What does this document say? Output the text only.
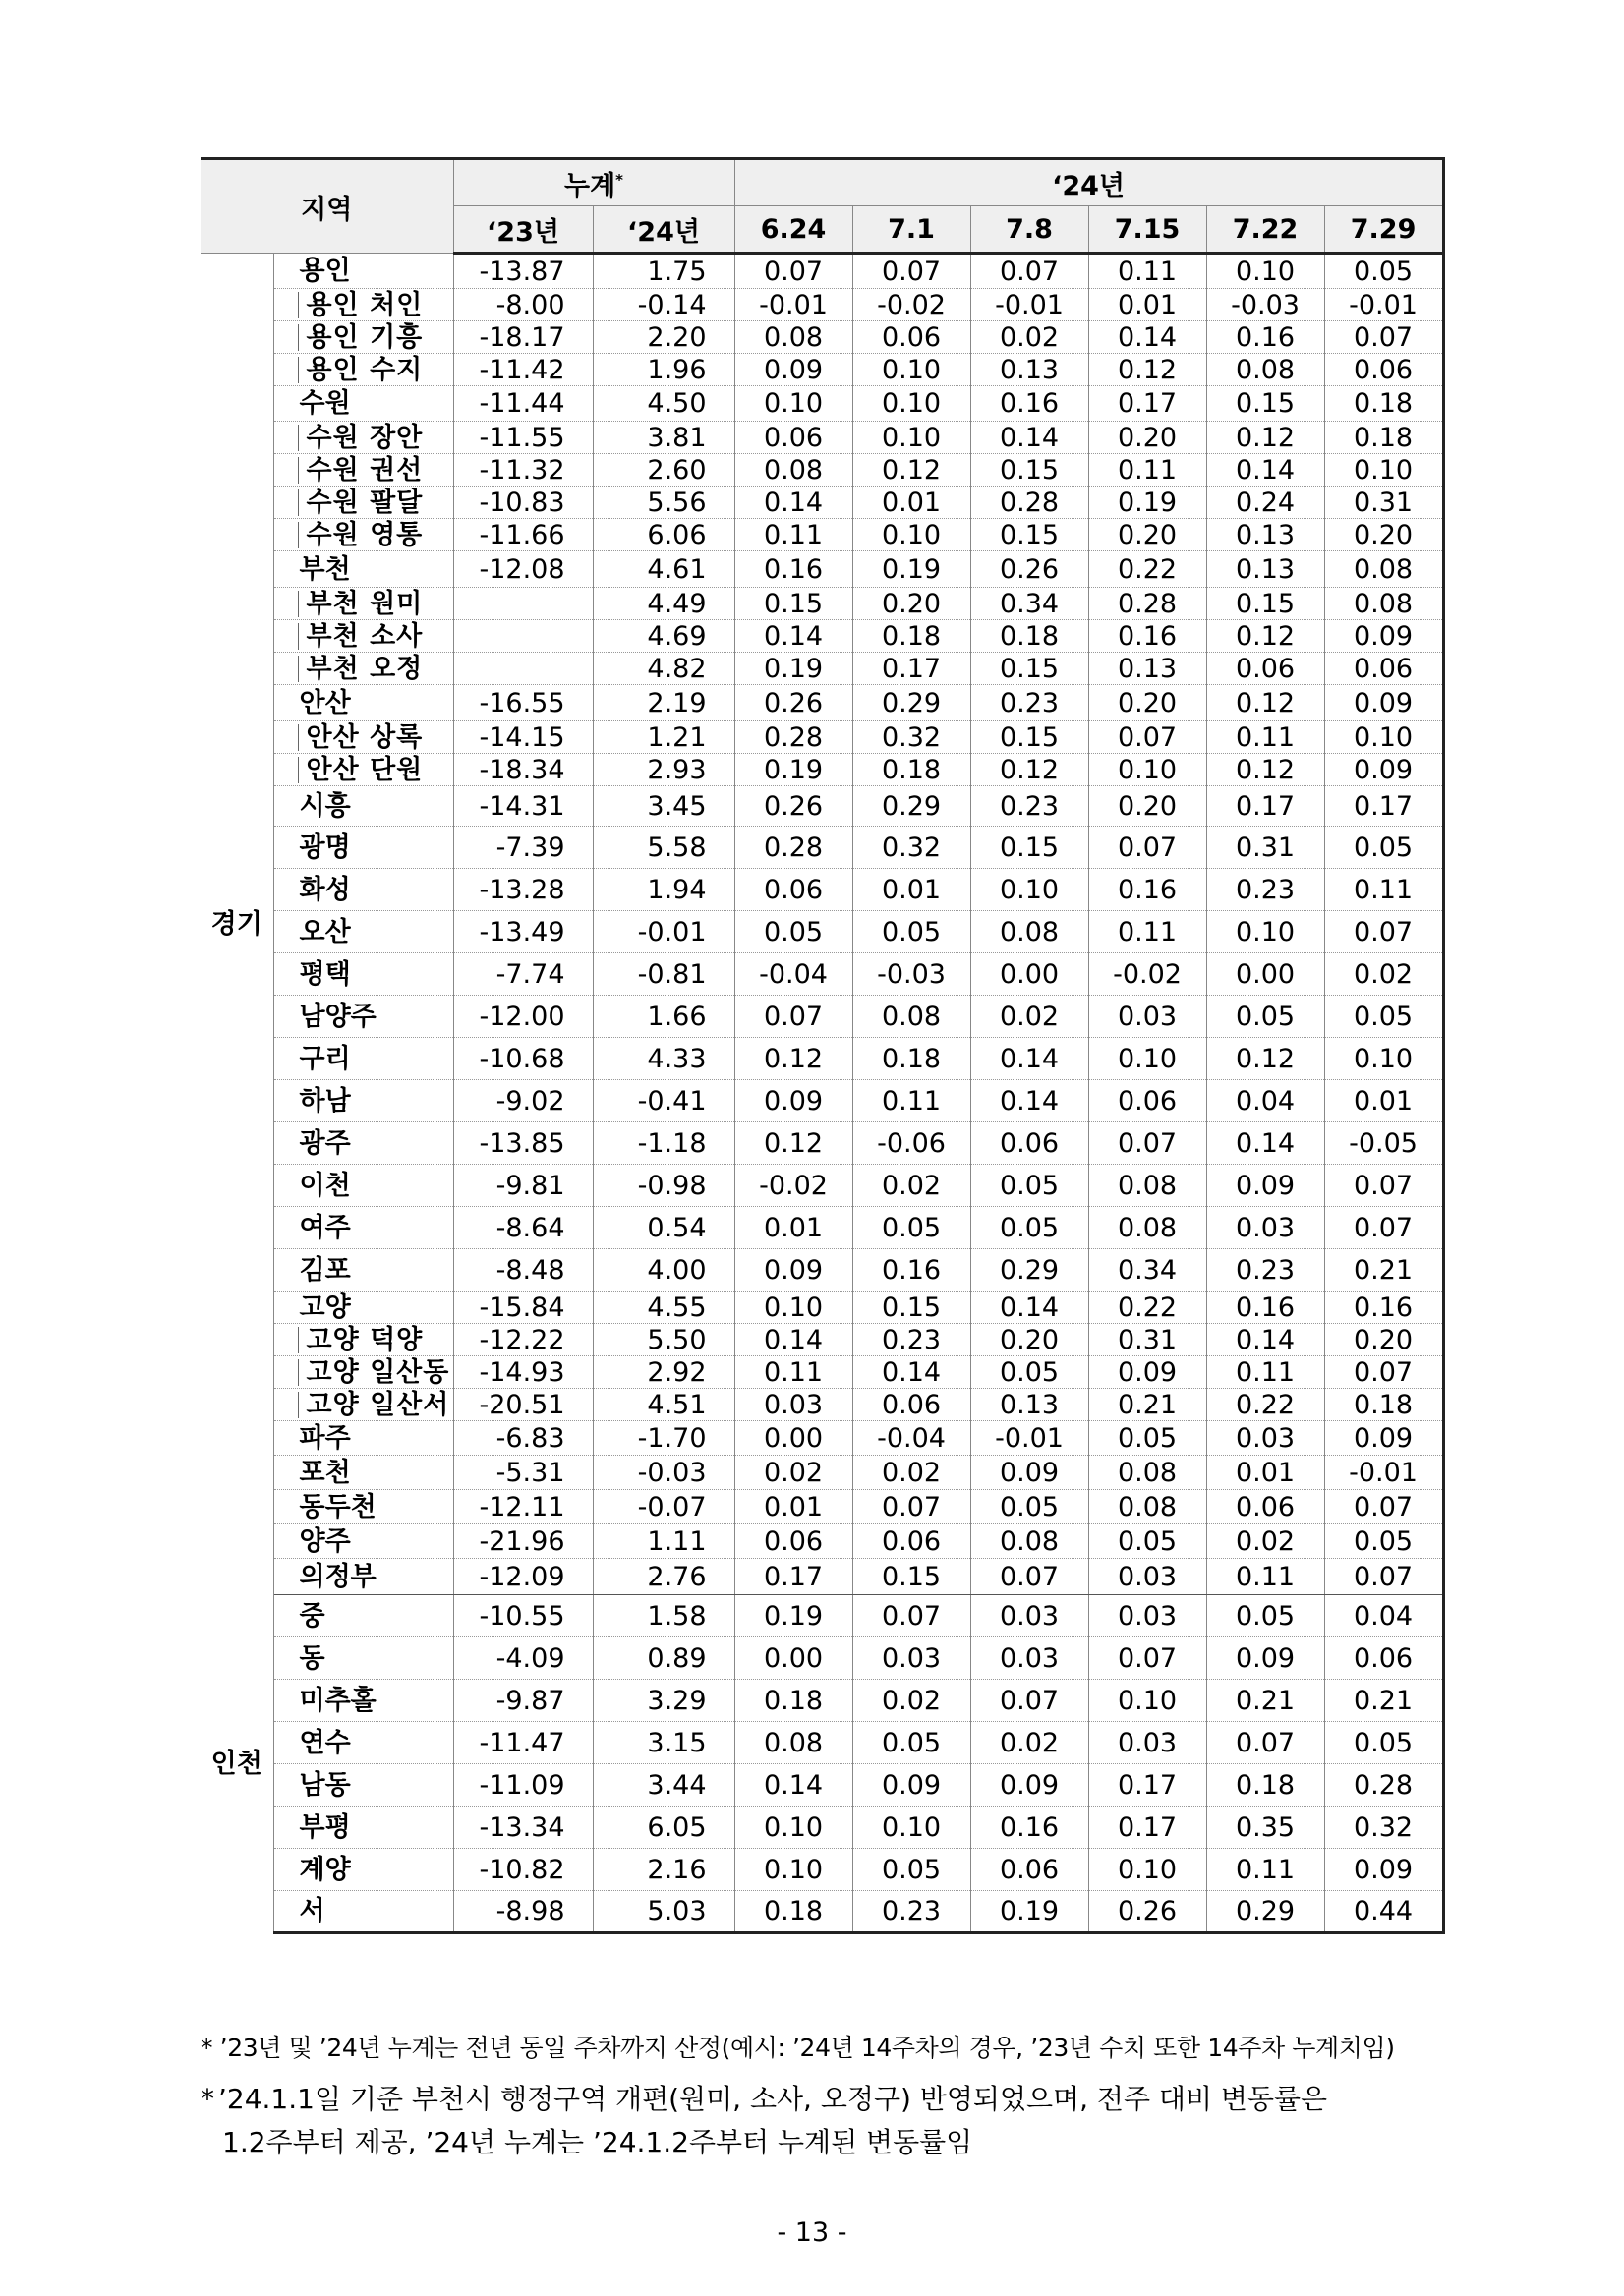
지역		누계*		‘24년					
		‘23년	‘24년	6.24	7.1	7.8	7.15	7.22	7.29
경기	용인	-13.87	1.75	0.07	0.07	0.07	0.11	0.10	0.05
	용인 처인	-8.00	-0.14	-0.01	-0.02	-0.01	0.01	-0.03	-0.01
	용인 기흥	-18.17	2.20	0.08	0.06	0.02	0.14	0.16	0.07
	용인 수지	-11.42	1.96	0.09	0.10	0.13	0.12	0.08	0.06
	수원	-11.44	4.50	0.10	0.10	0.16	0.17	0.15	0.18
	수원 장안	-11.55	3.81	0.06	0.10	0.14	0.20	0.12	0.18
	수원 권선	-11.32	2.60	0.08	0.12	0.15	0.11	0.14	0.10
	수원 팔달	-10.83	5.56	0.14	0.01	0.28	0.19	0.24	0.31
	수원 영통	-11.66	6.06	0.11	0.10	0.15	0.20	0.13	0.20
	부천	-12.08	4.61	0.16	0.19	0.26	0.22	0.13	0.08
	부천 원미		4.49	0.15	0.20	0.34	0.28	0.15	0.08
	부천 소사		4.69	0.14	0.18	0.18	0.16	0.12	0.09
	부천 오정		4.82	0.19	0.17	0.15	0.13	0.06	0.06
	안산	-16.55	2.19	0.26	0.29	0.23	0.20	0.12	0.09
	안산 상록	-14.15	1.21	0.28	0.32	0.15	0.07	0.11	0.10
	안산 단원	-18.34	2.93	0.19	0.18	0.12	0.10	0.12	0.09
	시흥	-14.31	3.45	0.26	0.29	0.23	0.20	0.17	0.17
	광명	-7.39	5.58	0.28	0.32	0.15	0.07	0.31	0.05
	화성	-13.28	1.94	0.06	0.01	0.10	0.16	0.23	0.11
	오산	-13.49	-0.01	0.05	0.05	0.08	0.11	0.10	0.07
	평택	-7.74	-0.81	-0.04	-0.03	0.00	-0.02	0.00	0.02
	남양주	-12.00	1.66	0.07	0.08	0.02	0.03	0.05	0.05
	구리	-10.68	4.33	0.12	0.18	0.14	0.10	0.12	0.10
	하남	-9.02	-0.41	0.09	0.11	0.14	0.06	0.04	0.01
	광주	-13.85	-1.18	0.12	-0.06	0.06	0.07	0.14	-0.05
	이천	-9.81	-0.98	-0.02	0.02	0.05	0.08	0.09	0.07
	여주	-8.64	0.54	0.01	0.05	0.05	0.08	0.03	0.07
	김포	-8.48	4.00	0.09	0.16	0.29	0.34	0.23	0.21
	고양	-15.84	4.55	0.10	0.15	0.14	0.22	0.16	0.16
	고양 덕양	-12.22	5.50	0.14	0.23	0.20	0.31	0.14	0.20
	고양 일산동	-14.93	2.92	0.11	0.14	0.05	0.09	0.11	0.07
	고양 일산서	-20.51	4.51	0.03	0.06	0.13	0.21	0.22	0.18
	파주	-6.83	-1.70	0.00	-0.04	-0.01	0.05	0.03	0.09
	포천	-5.31	-0.03	0.02	0.02	0.09	0.08	0.01	-0.01
	동두천	-12.11	-0.07	0.01	0.07	0.05	0.08	0.06	0.07
	양주	-21.96	1.11	0.06	0.06	0.08	0.05	0.02	0.05
	의정부	-12.09	2.76	0.17	0.15	0.07	0.03	0.11	0.07
인천	중	-10.55	1.58	0.19	0.07	0.03	0.03	0.05	0.04
	동	-4.09	0.89	0.00	0.03	0.03	0.07	0.09	0.06
	미추홀	-9.87	3.29	0.18	0.02	0.07	0.10	0.21	0.21
	연수	-11.47	3.15	0.08	0.05	0.02	0.03	0.07	0.05
	남동	-11.09	3.44	0.14	0.09	0.09	0.17	0.18	0.28
	부평	-13.34	6.05	0.10	0.10	0.16	0.17	0.35	0.32
	계양	-10.82	2.16	0.10	0.05	0.06	0.10	0.11	0.09
	서	-8.98	5.03	0.18	0.23	0.19	0.26	0.29	0.44
* ’23년 및 ’24년 누계는 전년 동일 주차까지 산정(예시: ’24년 14주차의 경우, ’23년 수치 또한 14주차 누계치임)
* ’24.1.1일 기준 부천시 행정구역 개편(원미, 소사, 오정구) 반영되었으며, 전주 대비 변동률은
1.2주부터 제공, ’24년 누계는 ’24.1.2주부터 누계된 변동률임
- 13 -
